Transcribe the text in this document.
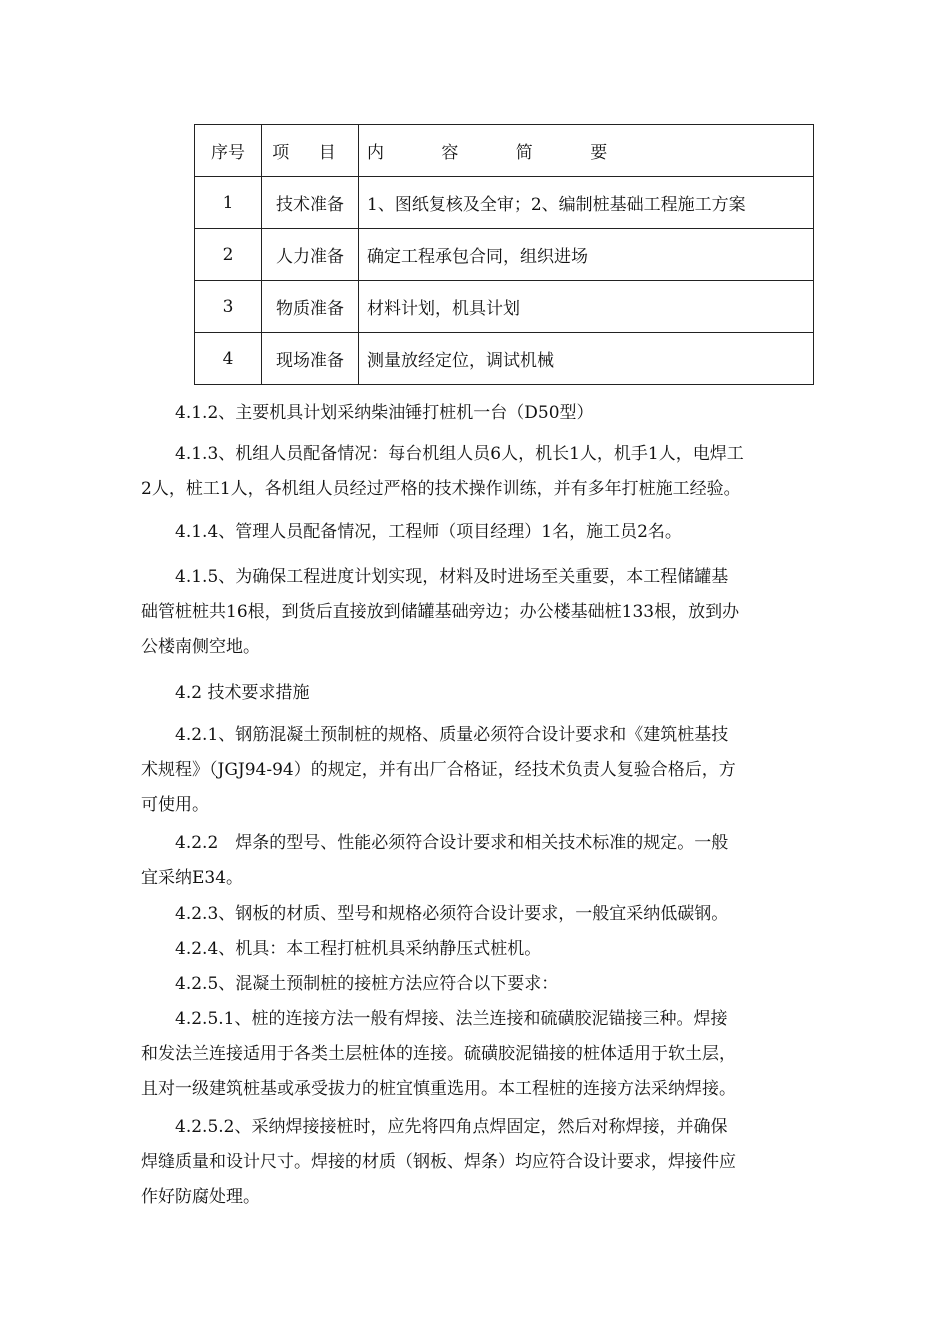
序号	项 目	内 容 简 要
1	技术准备	1、图纸复核及全审；2、编制桩基础工程施工方案
2	人力准备	确定工程承包合同，组织进场
3	物质准备	材料计划，机具计划
4	现场准备	测量放经定位，调试机械
4.1.2、主要机具计划采纳柴油锤打桩机一台（D50型）
4.1.3、机组人员配备情况：每台机组人员6人，机长1人，机手1人，电焊工
2人，桩工1人，各机组人员经过严格的技术操作训练，并有多年打桩施工经验。
4.1.4、管理人员配备情况，工程师（项目经理）1名，施工员2名。
4.1.5、为确保工程进度计划实现，材料及时进场至关重要，本工程储罐基
础管桩桩共16根，到货后直接放到储罐基础旁边；办公楼基础桩133根，放到办
公楼南侧空地。
4.2 技术要求措施
4.2.1、钢筋混凝土预制桩的规格、质量必须符合设计要求和《建筑桩基技
术规程》（JGJ94-94）的规定，并有出厂合格证，经技术负责人复验合格后，方
可使用。
4.2.2　焊条的型号、性能必须符合设计要求和相关技术标准的规定。一般
宜采纳E34。
4.2.3、钢板的材质、型号和规格必须符合设计要求，一般宜采纳低碳钢。
4.2.4、机具：本工程打桩机具采纳静压式桩机。
4.2.5、混凝土预制桩的接桩方法应符合以下要求：
4.2.5.1、桩的连接方法一般有焊接、法兰连接和硫磺胶泥锚接三种。焊接
和发法兰连接适用于各类土层桩体的连接。硫磺胶泥锚接的桩体适用于软土层，
且对一级建筑桩基或承受拔力的桩宜慎重选用。本工程桩的连接方法采纳焊接。
4.2.5.2、采纳焊接接桩时，应先将四角点焊固定，然后对称焊接，并确保
焊缝质量和设计尺寸。焊接的材质（钢板、焊条）均应符合设计要求，焊接件应
作好防腐处理。
